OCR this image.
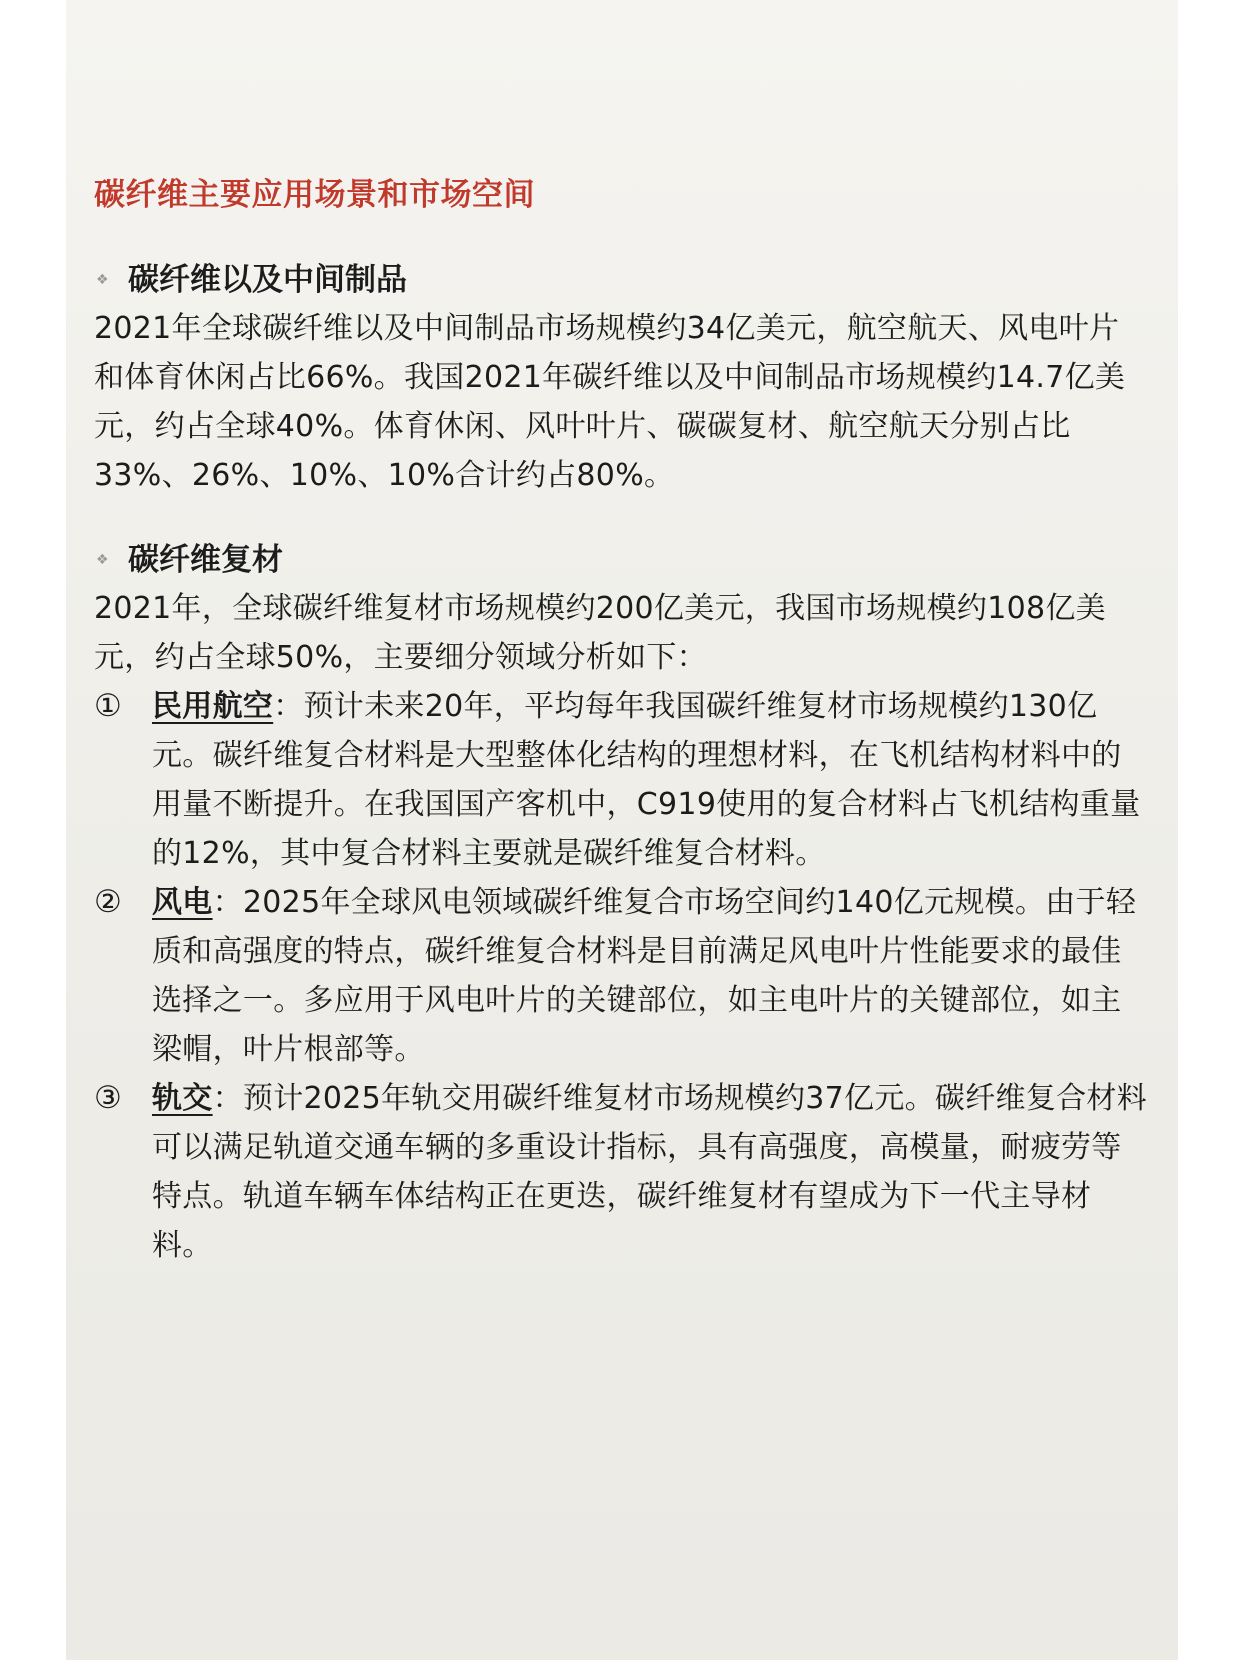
碳纤维主要应用场景和市场空间
❖ 碳纤维以及中间制品

2021年全球碳纤维以及中间制品市场规模约34亿美元，航空航天、风电叶片和体育休闲占比66%。我国2021年碳纤维以及中间制品市场规模约14.7亿美元，约占全球40%。体育休闲、风叶叶片、碳碳复材、航空航天分别占比33%、26%、10%、10%合计约占80%。

❖ 碳纤维复材

2021年，全球碳纤维复材市场规模约200亿美元，我国市场规模约108亿美元，约占全球50%，主要细分领域分析如下：

① 民用航空：预计未来20年，平均每年我国碳纤维复材市场规模约130亿元。碳纤维复合材料是大型整体化结构的理想材料，在飞机结构材料中的用量不断提升。在我国国产客机中，C919使用的复合材料占飞机结构重量的12%，其中复合材料主要就是碳纤维复合材料。
② 风电：2025年全球风电领域碳纤维复合市场空间约140亿元规模。由于轻质和高强度的特点，碳纤维复合材料是目前满足风电叶片性能要求的最佳选择之一。多应用于风电叶片的关键部位，如主电叶片的关键部位，如主梁帽，叶片根部等。
③ 轨交：预计2025年轨交用碳纤维复材市场规模约37亿元。碳纤维复合材料可以满足轨道交通车辆的多重设计指标，具有高强度，高模量，耐疲劳等特点。轨道车辆车体结构正在更迭，碳纤维复材有望成为下一代主导材料。
